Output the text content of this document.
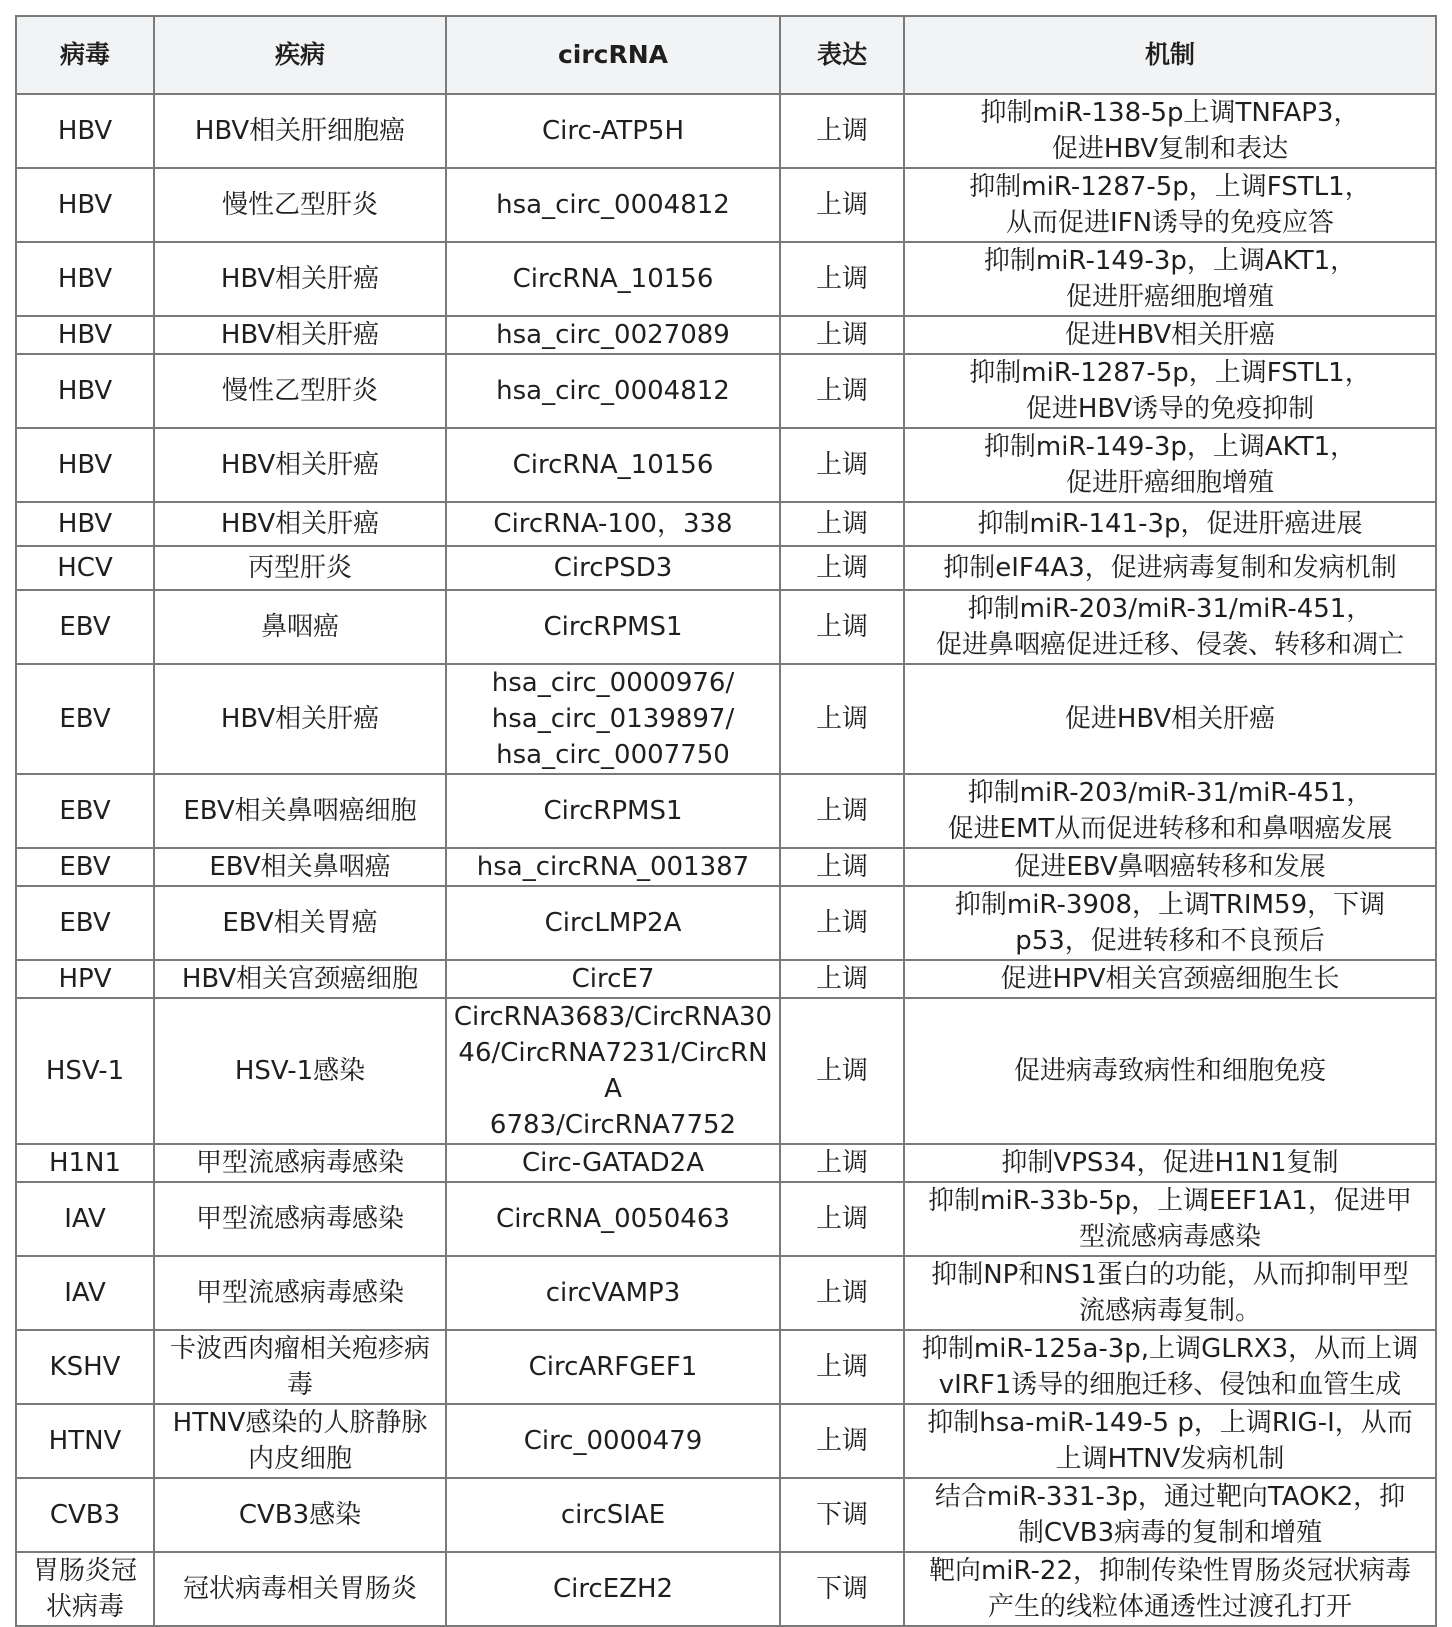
病毒	疾病	circRNA	表达	机制
HBV	HBV相关肝细胞癌	Circ-ATP5H	上调	抑制miR-138-5p上调TNFAP3，
促进HBV复制和表达
HBV	慢性乙型肝炎	hsa_circ_0004812	上调	抑制miR-1287-5p，上调FSTL1，
从而促进IFN诱导的免疫应答
HBV	HBV相关肝癌	CircRNA_10156	上调	抑制miR-149-3p，上调AKT1，
促进肝癌细胞增殖
HBV	HBV相关肝癌	hsa_circ_0027089	上调	促进HBV相关肝癌
HBV	慢性乙型肝炎	hsa_circ_0004812	上调	抑制miR-1287-5p，上调FSTL1，
促进HBV诱导的免疫抑制
HBV	HBV相关肝癌	CircRNA_10156	上调	抑制miR-149-3p，上调AKT1，
促进肝癌细胞增殖
HBV	HBV相关肝癌	CircRNA-100，338	上调	抑制miR-141-3p，促进肝癌进展
HCV	丙型肝炎	CircPSD3	上调	抑制eIF4A3，促进病毒复制和发病机制
EBV	鼻咽癌	CircRPMS1	上调	抑制miR-203/miR-31/miR-451，
促进鼻咽癌促进迁移、侵袭、转移和凋亡
EBV	HBV相关肝癌	hsa_circ_0000976/
hsa_circ_0139897/
hsa_circ_0007750	上调	促进HBV相关肝癌
EBV	EBV相关鼻咽癌细胞	CircRPMS1	上调	抑制miR-203/miR-31/miR-451，
促进EMT从而促进转移和和鼻咽癌发展
EBV	EBV相关鼻咽癌	hsa_circRNA_001387	上调	促进EBV鼻咽癌转移和发展
EBV	EBV相关胃癌	CircLMP2A	上调	抑制miR-3908，上调TRIM59，下调
p53，促进转移和不良预后
HPV	HBV相关宫颈癌细胞	CircE7	上调	促进HPV相关宫颈癌细胞生长
HSV-1	HSV-1感染	CircRNA3683/CircRNA30
46/CircRNA7231/CircRNA
6783/CircRNA7752	上调	促进病毒致病性和细胞免疫
H1N1	甲型流感病毒感染	Circ-GATAD2A	上调	抑制VPS34，促进H1N1复制
IAV	甲型流感病毒感染	CircRNA_0050463	上调	抑制miR-33b-5p，上调EEF1A1，促进甲
型流感病毒感染
IAV	甲型流感病毒感染	circVAMP3	上调	抑制NP和NS1蛋白的功能，从而抑制甲型
流感病毒复制。
KSHV	卡波西肉瘤相关疱疹病
毒	CircARFGEF1	上调	抑制miR-125a-3p,上调GLRX3，从而上调
vIRF1诱导的细胞迁移、侵蚀和血管生成
HTNV	HTNV感染的人脐静脉
内皮细胞	Circ_0000479	上调	抑制hsa-miR-149-5 p，上调RIG-I，从而
上调HTNV发病机制
CVB3	CVB3感染	circSIAE	下调	结合miR-331-3p，通过靶向TAOK2，抑
制CVB3病毒的复制和增殖
胃肠炎冠
状病毒	冠状病毒相关胃肠炎	CircEZH2	下调	靶向miR-22，抑制传染性胃肠炎冠状病毒
产生的线粒体通透性过渡孔打开
